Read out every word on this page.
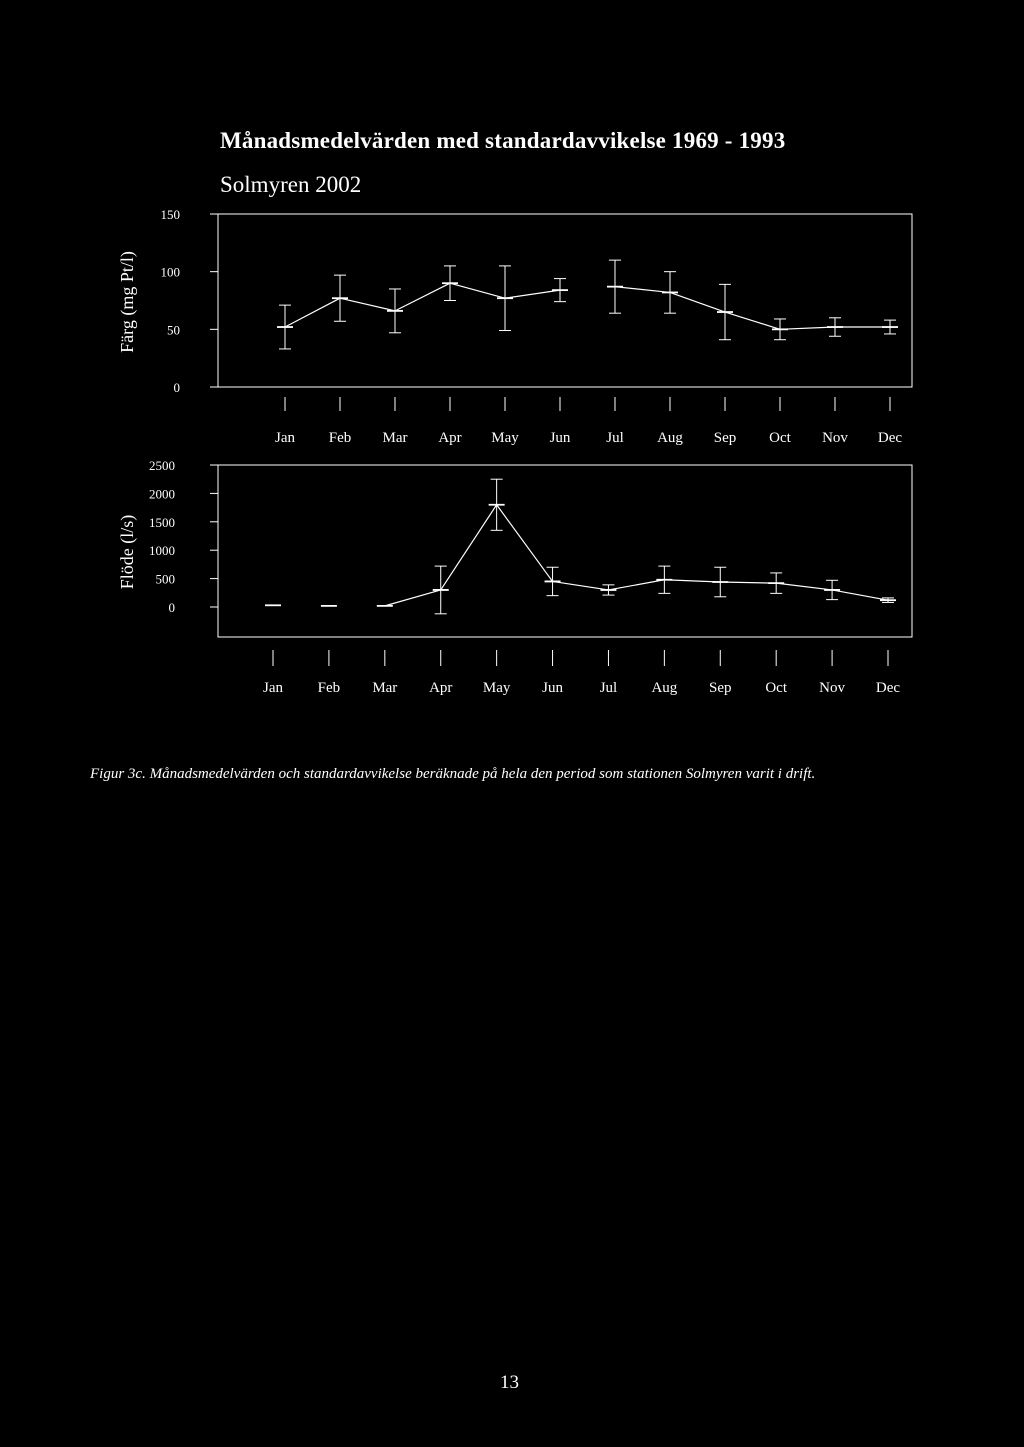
Månadsmedelvärden med standardavvikelse 1969 - 1993
Solmyren 2002
Färg (mg Pt/l)
0
50
100
150
Jan Feb Mar Apr May Jun Jul Aug Sep Oct Nov Dec
Flöde (l/s)
0
500
1000
1500
2000
2500
Jan Feb Mar Apr May Jun Jul Aug Sep Oct Nov Dec
Figur 3c. Månadsmedelvärden och standardavvikelse beräknade på hela den period som stationen Solmyren varit i drift.
13
